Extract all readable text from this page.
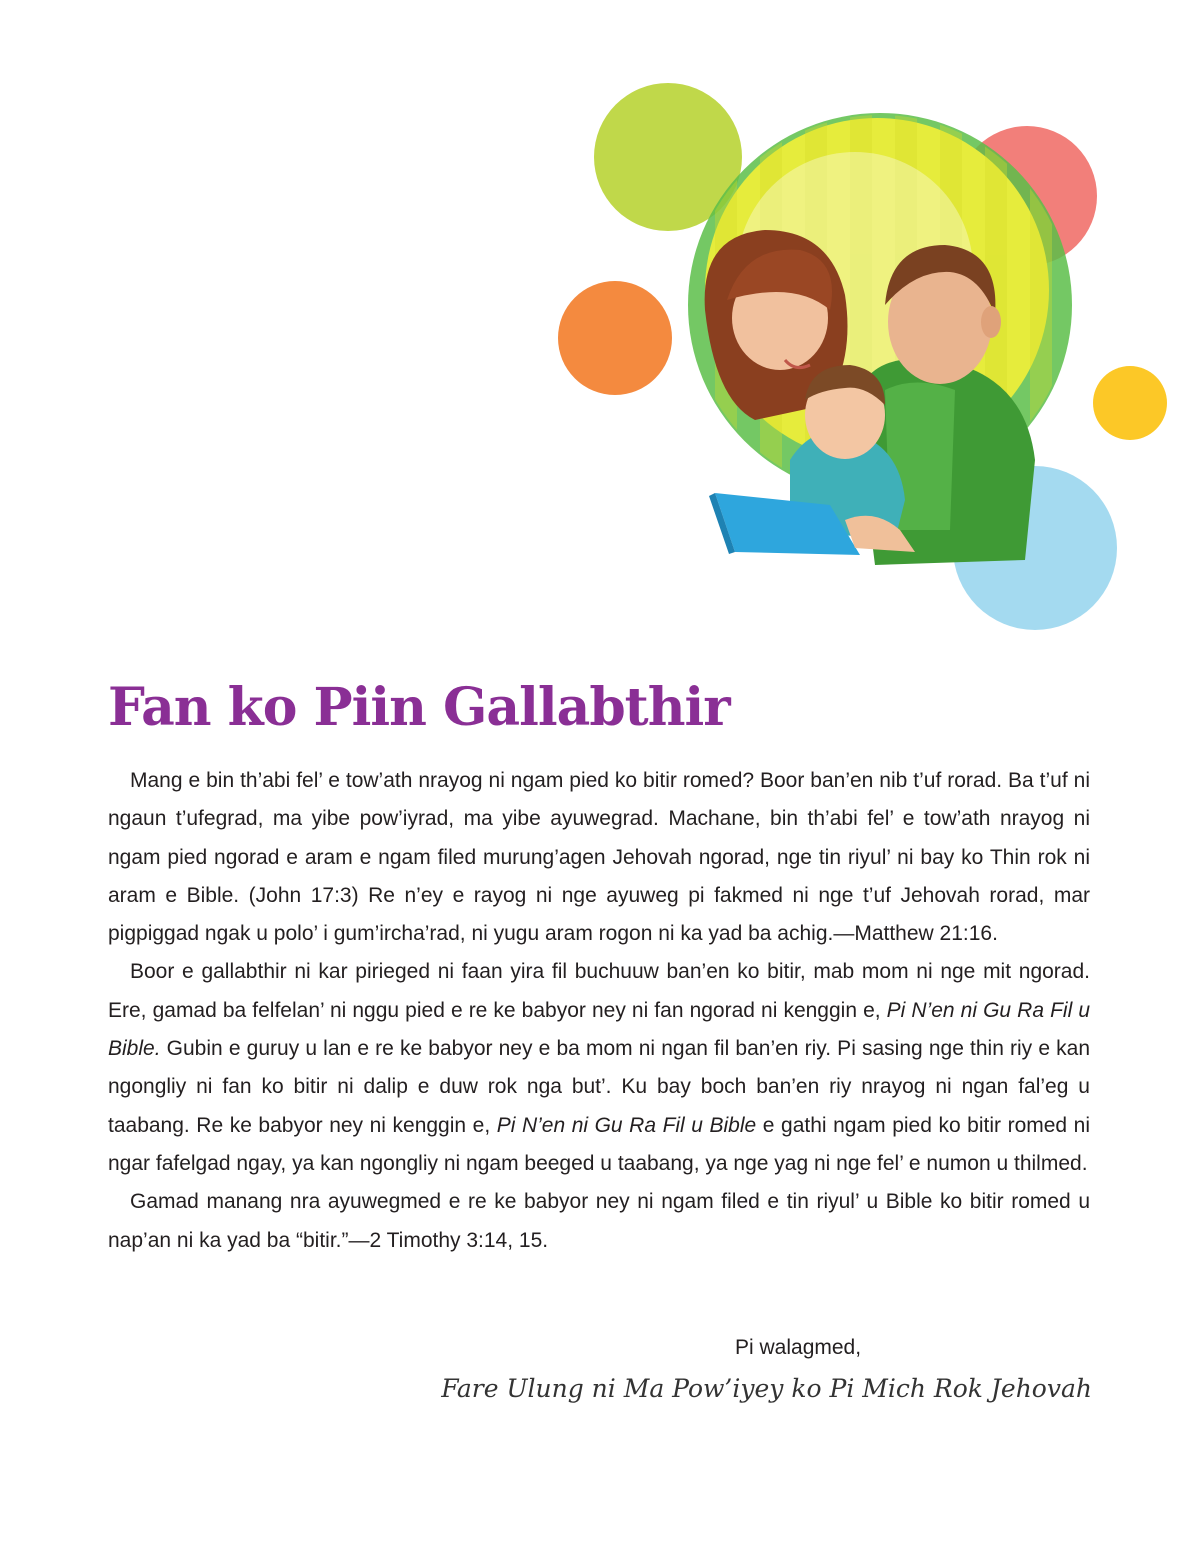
Fan ko Piin Gallabthir

Mang e bin th’abi fel’ e tow’ath nrayog ni ngam pied ko bitir romed? Boor ban’en nib t’uf rorad. Ba t’uf ni ngaun t’ufegrad, ma yibe pow’iyrad, ma yibe ayuwegrad. Machane, bin th’abi fel’ e tow’ath nrayog ni ngam pied ngorad e aram e ngam filed murung’agen Jehovah ngorad, nge tin riyul’ ni bay ko Thin rok ni aram e Bible. (John 17:3) Re n’ey e rayog ni nge ayuweg pi fakmed ni nge t’uf Jehovah rorad, mar pigpiggad ngak u polo’ i gum’ircha’rad, ni yugu aram rogon ni ka yad ba achig.—Matthew 21:16.

Boor e gallabthir ni kar pirieged ni faan yira fil buchuuw ban’en ko bitir, mab mom ni nge mit ngorad. Ere, gamad ba felfelan’ ni nggu pied e re ke babyor ney ni fan ngorad ni kenggin e, Pi N’en ni Gu Ra Fil u Bible. Gubin e guruy u lan e re ke babyor ney e ba mom ni ngan fil ban’en riy. Pi sasing nge thin riy e kan ngongliy ni fan ko bitir ni dalip e duw rok nga but’. Ku bay boch ban’en riy nrayog ni ngan fal’eg u taabang. Re ke babyor ney ni kenggin e, Pi N’en ni Gu Ra Fil u Bible e gathi ngam pied ko bitir romed ni ngar fafelgad ngay, ya kan ngongliy ni ngam beeged u taabang, ya nge yag ni nge fel’ e numon u thilmed.

Gamad manang nra ayuwegmed e re ke babyor ney ni ngam filed e tin riyul’ u Bible ko bitir romed u nap’an ni ka yad ba “bitir.”—2 Timothy 3:14, 15.

Pi walagmed,
Fare Ulung ni Ma Pow’iyey ko Pi Mich Rok Jehovah
